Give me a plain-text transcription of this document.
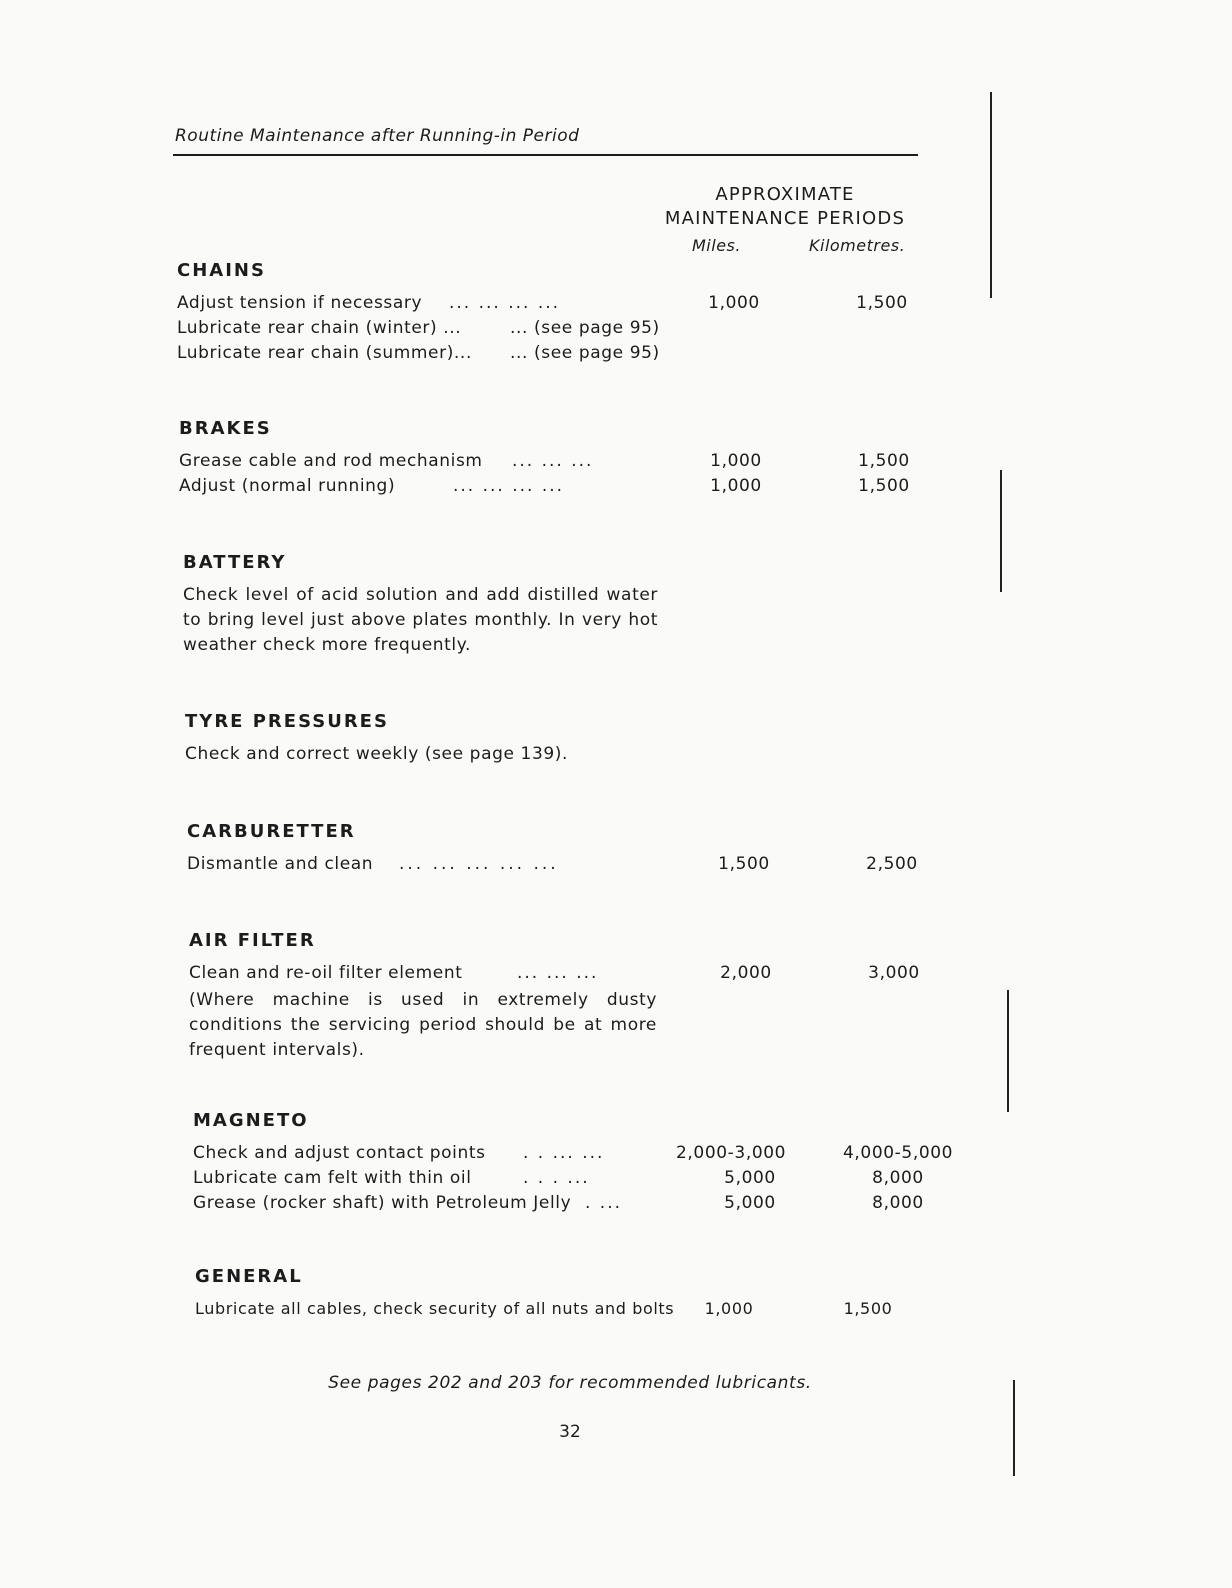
Routine Maintenance after Running-in Period
APPROXIMATE
MAINTENANCE PERIODS
Miles.	Kilometres.
CHAINS
Adjust tension if necessary ... ... ... ...	1,000	1,500
Lubricate rear chain (winter) ...	... (see page 95)
Lubricate rear chain (summer)... ... (see page 95)
BRAKES
Grease cable and rod mechanism ... ... ...	1,000	1,500
Adjust (normal running)	... ... ... ...	1,000	1,500
BATTERY
Check level of acid solution and add distilled water to bring level just above plates monthly. In very hot weather check more frequently.
TYRE PRESSURES
Check and correct weekly (see page 139).
CARBURETTER
Dismantle and clean ... ... ... ... ...	1,500	2,500
AIR FILTER
Clean and re-oil filter element	... ... ...	2,000	3,000
(Where machine is used in extremely dusty conditions the servicing period should be at more frequent intervals).
MAGNETO
Check and adjust contact points . . ... ...	2,000-3,000	4,000-5,000
Lubricate cam felt with thin oil	. . . ...	5,000	8,000
Grease (rocker shaft) with Petroleum Jelly . ...	5,000	8,000
GENERAL
Lubricate all cables, check security of all nuts and bolts	1,000	1,500
See pages 202 and 203 for recommended lubricants.
32
